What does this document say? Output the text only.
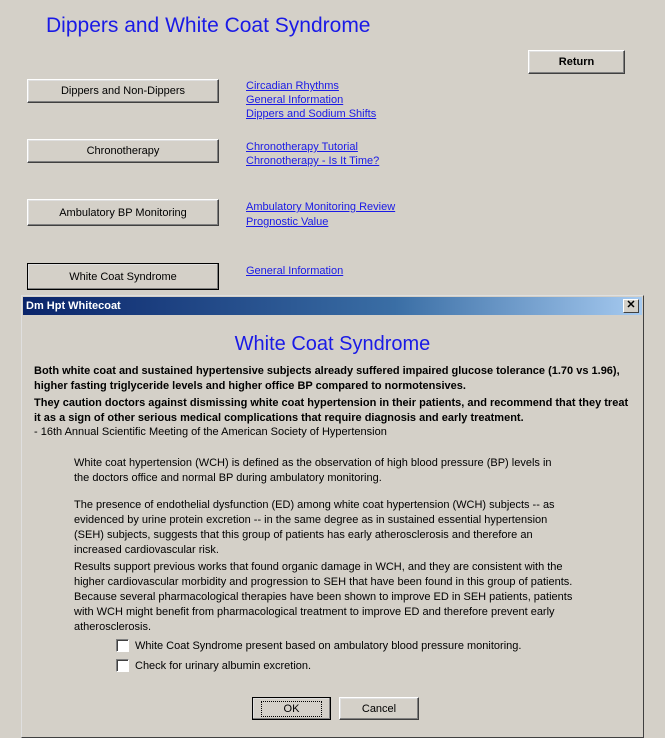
Dippers and White Coat Syndrome
Return
Dippers and Non-Dippers	Circadian Rhythms
General Information
Dippers and Sodium Shifts
Chronotherapy	Chronotherapy Tutorial
Chronotherapy - Is It Time?
Ambulatory BP Monitoring	Ambulatory Monitoring Review
Prognostic Value
White Coat Syndrome	General Information
Dm Hpt Whitecoat	✕
White Coat Syndrome

Both white coat and sustained hypertensive subjects already suffered impaired glucose tolerance (1.70 vs 1.96), higher fasting triglyceride levels and higher office BP compared to normotensives.

They caution doctors against dismissing white coat hypertension in their patients, and recommend that they treat it as a sign of other serious medical complications that require diagnosis and early treatment.

- 16th Annual Scientific Meeting of the American Society of Hypertension

White coat hypertension (WCH) is defined as the observation of high blood pressure (BP) levels in the doctors office and normal BP during ambulatory monitoring.

The presence of endothelial dysfunction (ED) among white coat hypertension (WCH) subjects -- as evidenced by urine protein excretion -- in the same degree as in sustained essential hypertension (SEH) subjects, suggests that this group of patients has early atherosclerosis and therefore an increased cardiovascular risk.

Results support previous works that found organic damage in WCH, and they are consistent with the higher cardiovascular morbidity and progression to SEH that have been found in this group of patients. Because several pharmacological therapies have been shown to improve ED in SEH patients, patients with WCH might benefit from pharmacological treatment to improve ED and therefore prevent early atherosclerosis.

White Coat Syndrome present based on ambulatory blood pressure monitoring.
Check for urinary albumin excretion.
OK	Cancel
